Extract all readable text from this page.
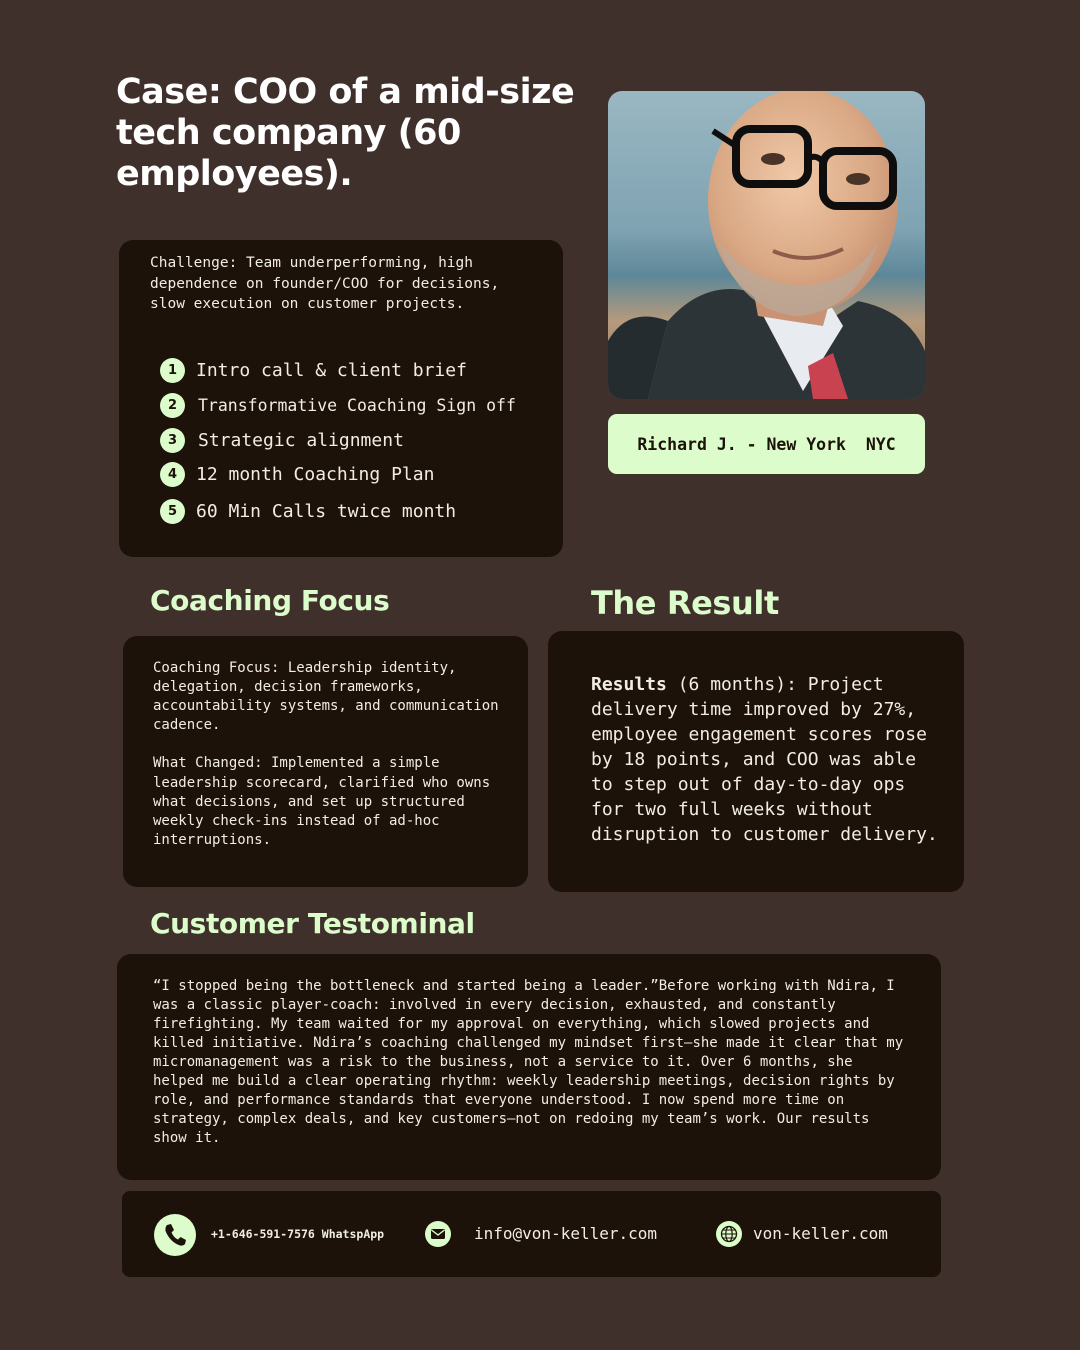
Case: COO of a mid-size tech company (60 employees).
Challenge: Team underperforming, high
dependence on founder/COO for decisions,
slow execution on customer projects.
1	Intro call & client brief
2	Transformative Coaching Sign off
3	Strategic alignment
4	12 month Coaching Plan
5	60 Min Calls twice month
Richard J. - New York  NYC
Coaching Focus
Coaching Focus: Leadership identity,
delegation, decision frameworks,
accountability systems, and communication
cadence.

What Changed: Implemented a simple
leadership scorecard, clarified who owns
what decisions, and set up structured
weekly check-ins instead of ad-hoc
interruptions.
The Result
Results (6 months): Project
delivery time improved by 27%,
employee engagement scores rose
by 18 points, and COO was able
to step out of day-to-day ops
for two full weeks without
disruption to customer delivery.
Customer Testominal
“I stopped being the bottleneck and started being a leader.”Before working with Ndira, I
was a classic player-coach: involved in every decision, exhausted, and constantly
firefighting. My team waited for my approval on everything, which slowed projects and
killed initiative. Ndira’s coaching challenged my mindset first—she made it clear that my
micromanagement was a risk to the business, not a service to it. Over 6 months, she
helped me build a clear operating rhythm: weekly leadership meetings, decision rights by
role, and performance standards that everyone understood. I now spend more time on
strategy, complex deals, and key customers—not on redoing my team’s work. Our results
show it.
+1-646-591-7576 WhatspApp	info@von-keller.com	von-keller.com
